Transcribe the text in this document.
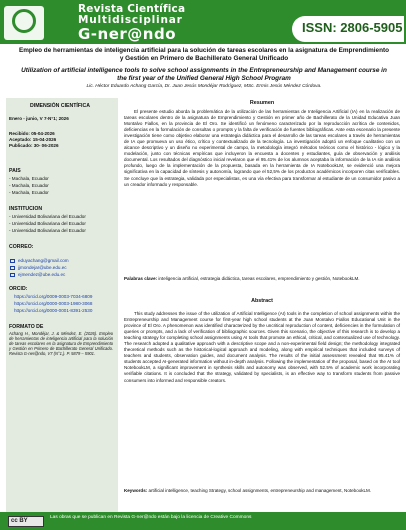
Revista Científica
Multidisciplinar
G-ner@ndo	ISSN: 2806-5905
Empleo de herramientas de inteligencia artificial para la solución de tareas escolares en la asignatura de Emprendimiento y Gestión en Primero de Bachillerato General Unificado
Utilization of artificial intelligence tools to solve school assignments in the Entrepreneurship and Management course in the first year of the Unified General High School Program
Lic. Héctor Eduardo Achang García, Dr. Juan Jesús Mondéjar Rodríguez, MSc. Ermis Jesús Méndez Córdova.
DIMENSIÓN CIENTÍFICA
Enero - junio, V 7-N°1; 2026
Recibido: 05-04-2026
Aceptado: 15-04-2026
Publicado: 30- 06-2026
PAIS
- Machala, Ecuador
- Machala, Ecuador
- Machala, Ecuador
INSTITUCION
- Universidad Bolivariana del Ecuador
- Universidad Bolivariana del Ecuador
- Universidad Bolivariana del Ecuador
CORREO:
eduyachang@gmail.com
jjmondejar@ube.edu.ec
ejmendez@ube.edu.ec
ORCID:
https://orcid.org/0009-0003-7034-6809
https://orcid.org/0000-0003-1980-3068
https://orcid.org/0000-0001-8391-2530
FORMATO DE
Achang H., Mondéjar, J. & Méndez, E. (2026). Empleo de herramientas de inteligencia artificial para la solución de tareas escolares en la asignatura de Emprendimiento y Gestión en Primero de Bachillerato General Unificado. Revista G-ner@ndo, V7 (N°1,). P. 5879 – 5901.
Resumen
El presente estudio aborda la problemática de la utilización de las herramientas de Inteligencia Artificial (IA) en la realización de tareas escolares dentro de la asignatura de Emprendimiento y Gestión en primer año de Bachillerato de la Unidad Educativa Juan Montalvo Fiallos, en la provincia de El Oro. Se identificó un fenómeno caracterizado por la reproducción acrítica de contenidos, deficiencias en la formulación de consultas o prompts y la falta de verificación de fuentes bibliográficas. Ante esta escenario la presente investigación tiene como objetivo elaborar una estrategia didáctica para el desarrollo de las tareas escolares a través de herramientas de IA que promueva un uso ético, crítico y contextualizado de la tecnología. La investigación adoptó un enfoque cualitativo con un alcance descriptivo y un diseño no experimental de campo, la metodología integró métodos teóricos como el histórico - lógico y la modelación, junto con técnicas empíricas que incluyeron la encuesta a docentes y estudiantes, guía de observación y análisis documental. Los resultados del diagnóstico inicial revelaron que el 95.41% de los alumnos aceptaba la información de la IA sin análisis profundo, luego de la implementación de la propuesta, basada en la herramienta de IA NotebookLM, se evidenció una mejora significativa en la capacidad de síntesis y autonomía, logrando que el 52,5% de los productos académicos incorporen citas verificables. Se concluye que la estrategia, validada por especialistas, es una vía efectiva para transformar al estudiante de un consumidor pasivo a un creador informado y responsable.
Palabras clave: inteligencia artificial, estrategia didáctica, tareas escolares, emprendimiento y gestión, NotebookLM.
Abstract
This study addresses the issue of the utilization of Artificial Intelligence (AI) tools in the completion of school assignments within the Entrepreneurship and Management course for first-year high school students at the Juan Montalvo Fiallos Educational Unit in the province of El Oro. A phenomenon was identified characterized by the uncritical reproduction of content, deficiencies in the formulation of queries or prompts, and a lack of verification of bibliographic sources. Given this scenario, the objective of this research is to develop a teaching strategy for completing school assignments using AI tools that promote an ethical, critical, and contextualized use of technology. The research adopted a qualitative approach with a descriptive scope and a non-experimental field design; the methodology integrated theoretical methods such as the historical-logical approach and modeling, along with empirical techniques that included surveys of teachers and students, observation guides, and document analysis. The results of the initial assessment revealed that 95.41% of students accepted AI-generated information without in-depth analysis. Following the implementation of the proposal, based on the AI tool NotebookLM, a significant improvement in synthesis skills and autonomy was observed, with 52.5% of academic work incorporating verifiable citations. It is concluded that the strategy, validated by specialists, is an effective way to transform students from passive consumers into informed and responsible creators.
Keywords: artificial intelligence, teaching Strategy, school assignments, entrepreneurship and management, NotebookLM.
cc BY
Las obras que se publican en Revista G-ner@ndo están bajo la licencia de Creative Commons
